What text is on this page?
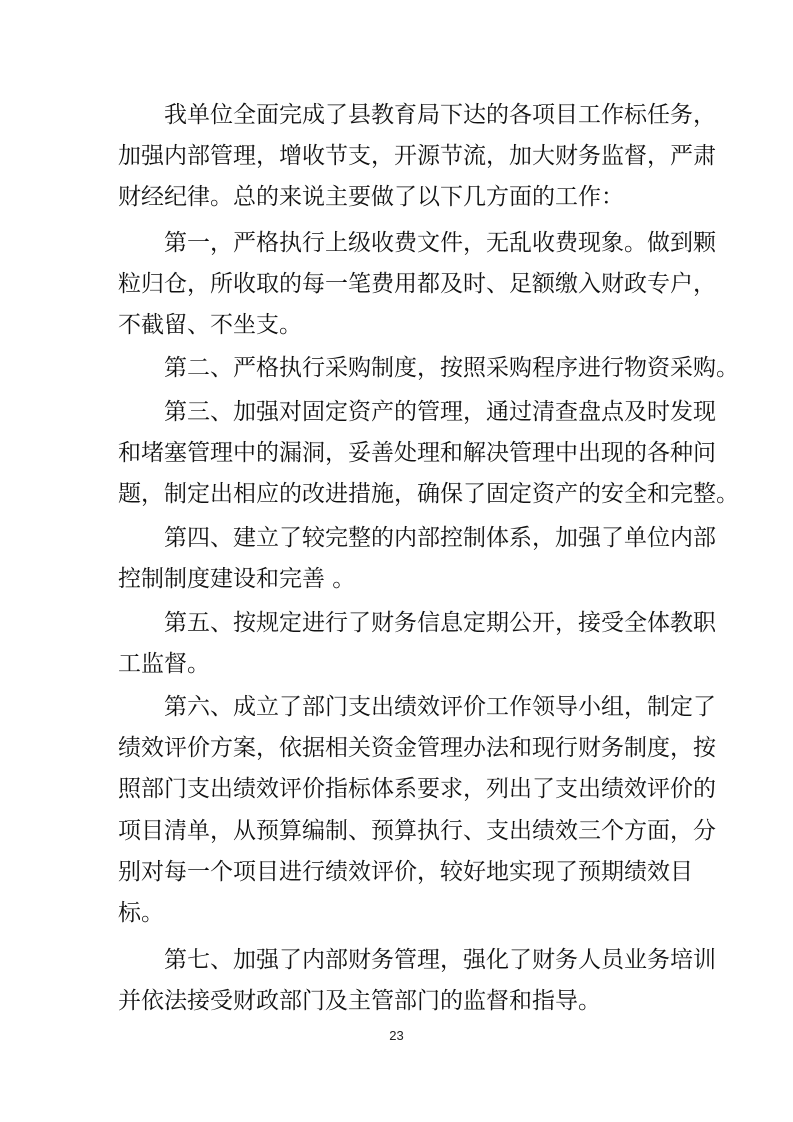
我单位全面完成了县教育局下达的各项目工作标任务，
加强内部管理，增收节支，开源节流，加大财务监督，严肃
财经纪律。总的来说主要做了以下几方面的工作：
第一，严格执行上级收费文件，无乱收费现象。做到颗
粒归仓，所收取的每一笔费用都及时、足额缴入财政专户，
不截留、不坐支。
第二、严格执行采购制度，按照采购程序进行物资采购。
第三、加强对固定资产的管理，通过清查盘点及时发现
和堵塞管理中的漏洞，妥善处理和解决管理中出现的各种问
题，制定出相应的改进措施，确保了固定资产的安全和完整。
第四、建立了较完整的内部控制体系，加强了单位内部
控制制度建设和完善 。
第五、按规定进行了财务信息定期公开，接受全体教职
工监督。
第六、成立了部门支出绩效评价工作领导小组，制定了
绩效评价方案，依据相关资金管理办法和现行财务制度，按
照部门支出绩效评价指标体系要求，列出了支出绩效评价的
项目清单，从预算编制、预算执行、支出绩效三个方面，分
别对每一个项目进行绩效评价，较好地实现了预期绩效目
标。
第七、加强了内部财务管理，强化了财务人员业务培训
并依法接受财政部门及主管部门的监督和指导。
23
